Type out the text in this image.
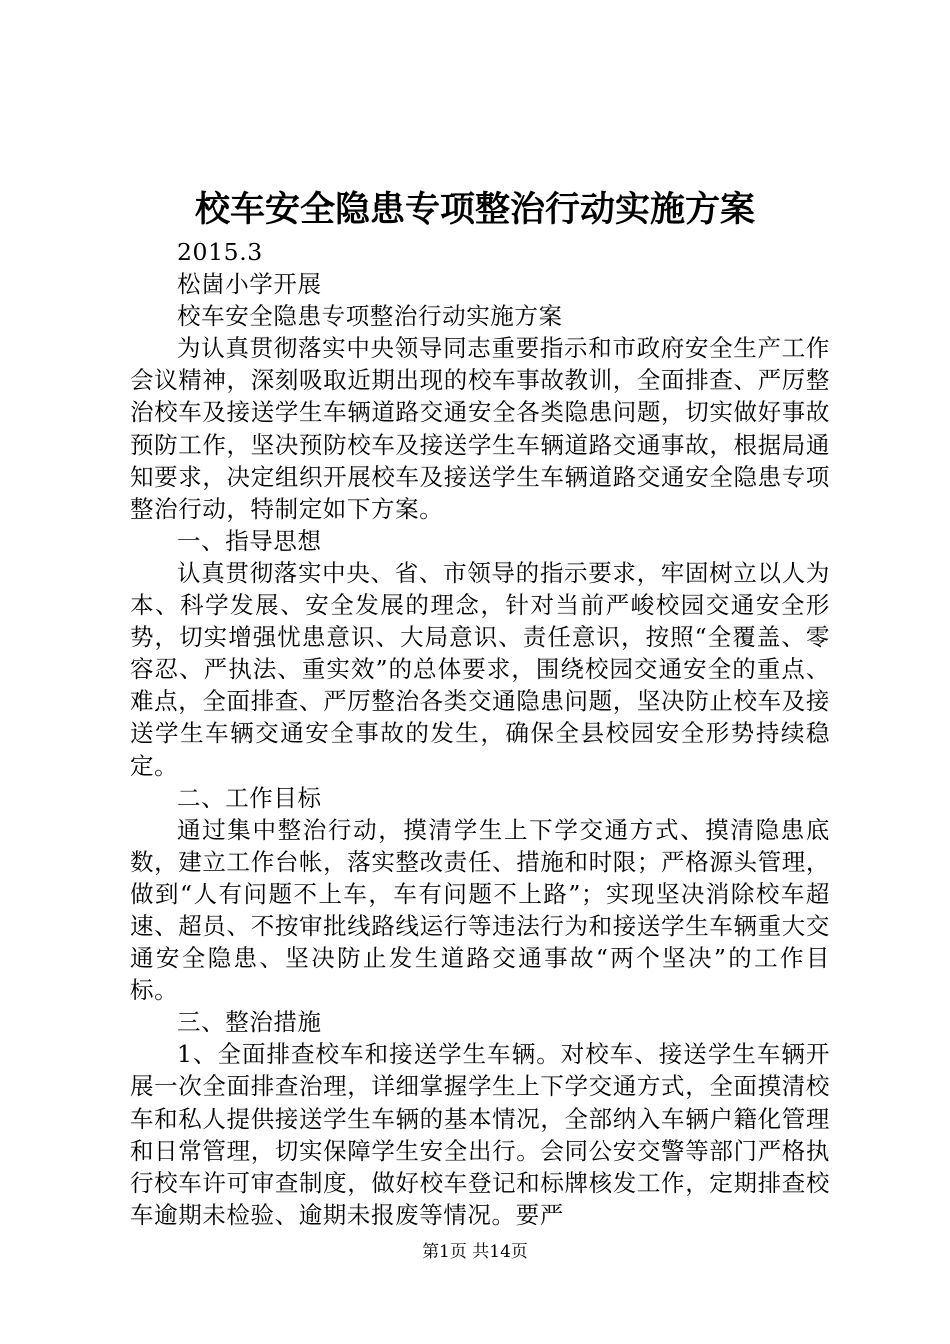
校车安全隐患专项整治行动实施方案

2015.3

松崮小学开展

校车安全隐患专项整治行动实施方案

为认真贯彻落实中央领导同志重要指示和市政府安全生产工作会议精神，深刻吸取近期出现的校车事故教训，全面排查、严厉整治校车及接送学生车辆道路交通安全各类隐患问题，切实做好事故预防工作，坚决预防校车及接送学生车辆道路交通事故，根据局通知要求，决定组织开展校车及接送学生车辆道路交通安全隐患专项整治行动，特制定如下方案。

一、指导思想

认真贯彻落实中央、省、市领导的指示要求，牢固树立以人为本、科学发展、安全发展的理念，针对当前严峻校园交通安全形势，切实增强忧患意识、大局意识、责任意识，按照“全覆盖、零容忍、严执法、重实效”的总体要求，围绕校园交通安全的重点、难点，全面排查、严厉整治各类交通隐患问题，坚决防止校车及接送学生车辆交通安全事故的发生，确保全县校园安全形势持续稳定。

二、工作目标

通过集中整治行动，摸清学生上下学交通方式、摸清隐患底数，建立工作台帐，落实整改责任、措施和时限；严格源头管理，做到“人有问题不上车，车有问题不上路”；实现坚决消除校车超速、超员、不按审批线路线运行等违法行为和接送学生车辆重大交通安全隐患、坚决防止发生道路交通事故“两个坚决”的工作目标。

三、整治措施

1、全面排查校车和接送学生车辆。对校车、接送学生车辆开展一次全面排查治理，详细掌握学生上下学交通方式，全面摸清校车和私人提供接送学生车辆的基本情况，全部纳入车辆户籍化管理和日常管理，切实保障学生安全出行。会同公安交警等部门严格执行校车许可审查制度，做好校车登记和标牌核发工作，定期排查校车逾期未检验、逾期未报废等情况。要严

第1页 共14页
